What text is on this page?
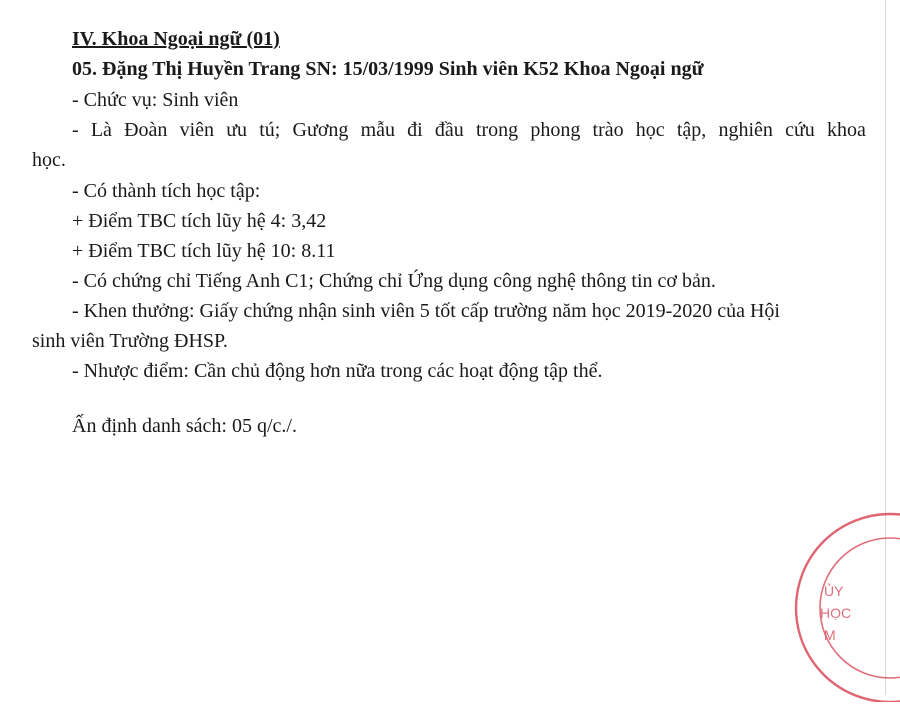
IV. Khoa Ngoại ngữ (01)
05. Đặng Thị Huyền Trang SN: 15/03/1999 Sinh viên K52 Khoa Ngoại ngữ
- Chức vụ: Sinh viên
- Là Đoàn viên ưu tú; Gương mẫu đi đầu trong phong trào học tập, nghiên cứu khoa
học.
- Có thành tích học tập:
+ Điểm TBC tích lũy hệ 4: 3,42
+ Điểm TBC tích lũy hệ 10: 8.11
- Có chứng chỉ Tiếng Anh C1; Chứng chỉ Ứng dụng công nghệ thông tin cơ bản.
- Khen thưởng: Giấy chứng nhận sinh viên 5 tốt cấp trường năm học 2019-2020 của Hội
sinh viên Trường ĐHSP.
- Nhược điểm: Cần chủ động hơn nữa trong các hoạt động tập thể.
Ấn định danh sách: 05 q/c./.
ỦY
HỌC
M
